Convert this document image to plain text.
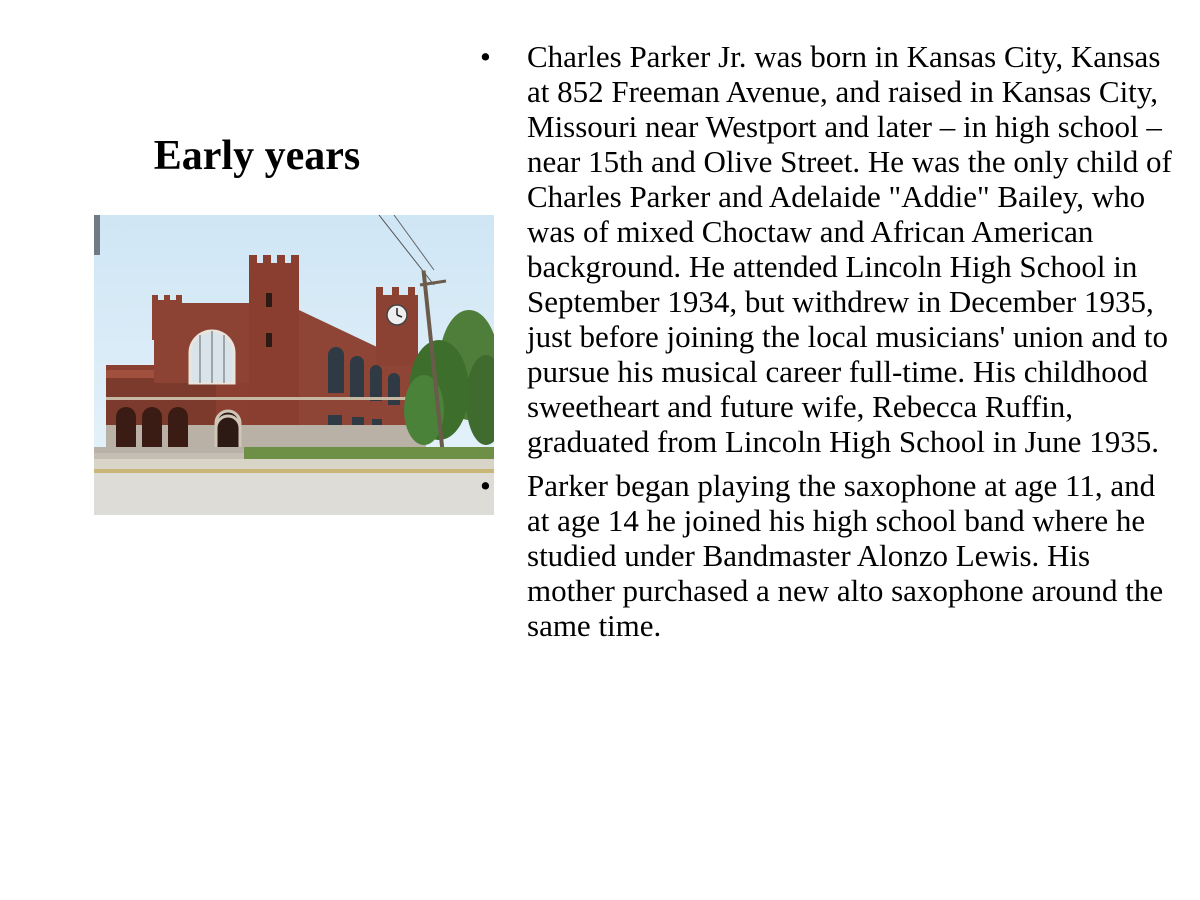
Early years
• Charles Parker Jr. was born in Kansas City, Kansas at 852 Freeman Avenue, and raised in Kansas City, Missouri near Westport and later – in high school – near 15th and Olive Street. He was the only child of Charles Parker and Adelaide "Addie" Bailey, who was of mixed Choctaw and African American background. He attended Lincoln High School in September 1934, but withdrew in December 1935, just before joining the local musicians' union and to pursue his musical career full-time. His childhood sweetheart and future wife, Rebecca Ruffin, graduated from Lincoln High School in June 1935.
• Parker began playing the saxophone at age 11, and at age 14 he joined his high school band where he studied under Bandmaster Alonzo Lewis. His mother purchased a new alto saxophone around the same time.
